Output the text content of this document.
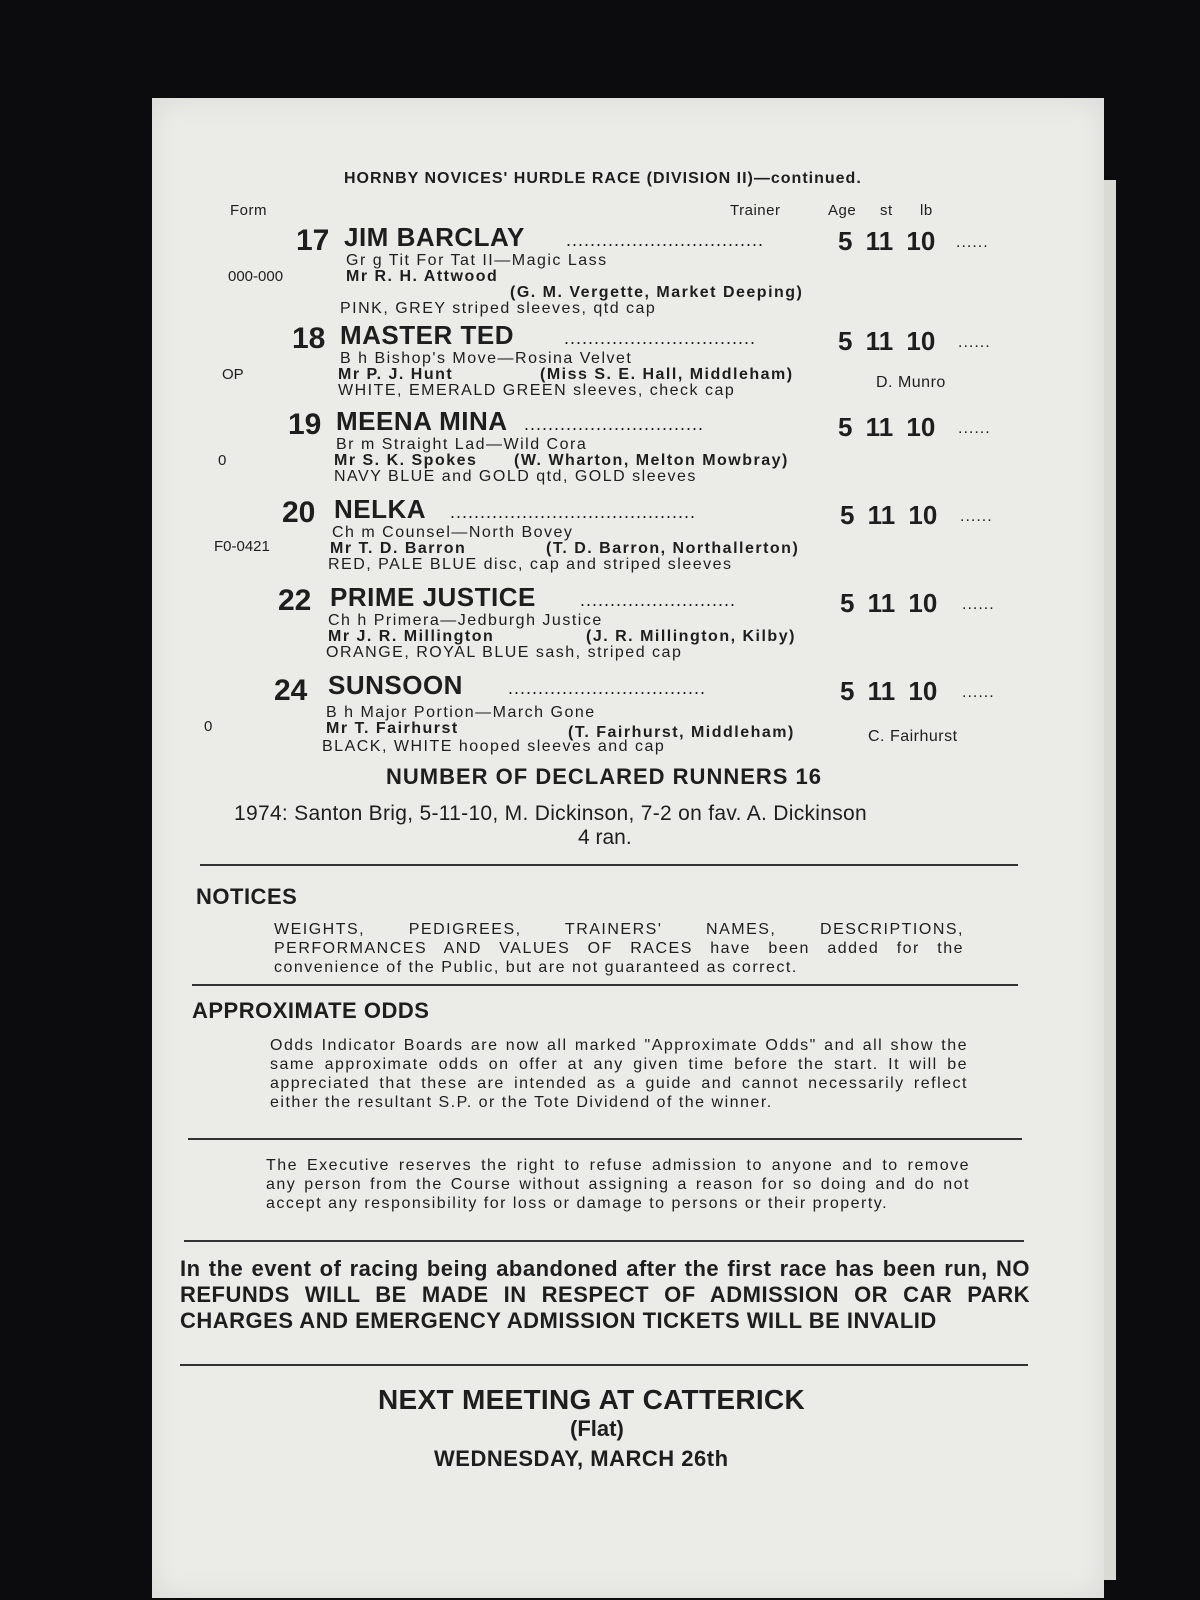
HORNBY NOVICES' HURDLE RACE (DIVISION II)—continued.
Form	Trainer	Age st lb
17 JIM BARCLAY .................................	5 11 10 ......
000-000
Gr g Tit For Tat II—Magic Lass
Mr R. H. Attwood
(G. M. Vergette, Market Deeping)
PINK, GREY striped sleeves, qtd cap
18 MASTER TED	................................	5 11 10 ......
OP
B h Bishop's Move—Rosina Velvet
Mr P. J. Hunt	(Miss S. E. Hall, Middleham)
WHITE, EMERALD GREEN sleeves, check cap	D. Munro
19 MEENA MINA ..............................	5 11 10 ......
0
Br m Straight Lad—Wild Cora
Mr S. K. Spokes (W. Wharton, Melton Mowbray)
NAVY BLUE and GOLD qtd, GOLD sleeves
20 NELKA .........................................	5 11 10 ......
F0-0421
Ch m Counsel—North Bovey
Mr T. D. Barron	(T. D. Barron, Northallerton)
RED, PALE BLUE disc, cap and striped sleeves
22 PRIME JUSTICE ..........................	5 11 10 ......
Ch h Primera—Jedburgh Justice
Mr J. R. Millington	(J. R. Millington, Kilby)
ORANGE, ROYAL BLUE sash, striped cap
24 SUNSOON	.................................	5 11 10 ......
0
B h Major Portion—March Gone
Mr T. Fairhurst	(T. Fairhurst, Middleham)
BLACK, WHITE hooped sleeves and cap
C. Fairhurst
NUMBER OF DECLARED RUNNERS 16
1974: Santon Brig, 5-11-10, M. Dickinson, 7-2 on fav. A. Dickinson
4 ran.
NOTICES
WEIGHTS, PEDIGREES, TRAINERS' NAMES, DESCRIPTIONS, PERFORMANCES AND VALUES OF RACES have been added for the convenience of the Public, but are not guaranteed as correct.
APPROXIMATE ODDS
Odds Indicator Boards are now all marked "Approximate Odds" and all show the same approximate odds on offer at any given time before the start. It will be appreciated that these are intended as a guide and cannot necessarily reflect either the resultant S.P. or the Tote Dividend of the winner.
The Executive reserves the right to refuse admission to anyone and to remove any person from the Course without assigning a reason for so doing and do not accept any responsibility for loss or damage to persons or their property.
In the event of racing being abandoned after the first race has been run, NO REFUNDS WILL BE MADE IN RESPECT OF ADMISSION OR CAR PARK CHARGES AND EMERGENCY ADMISSION TICKETS WILL BE INVALID
NEXT MEETING AT CATTERICK
(Flat)
WEDNESDAY, MARCH 26th
